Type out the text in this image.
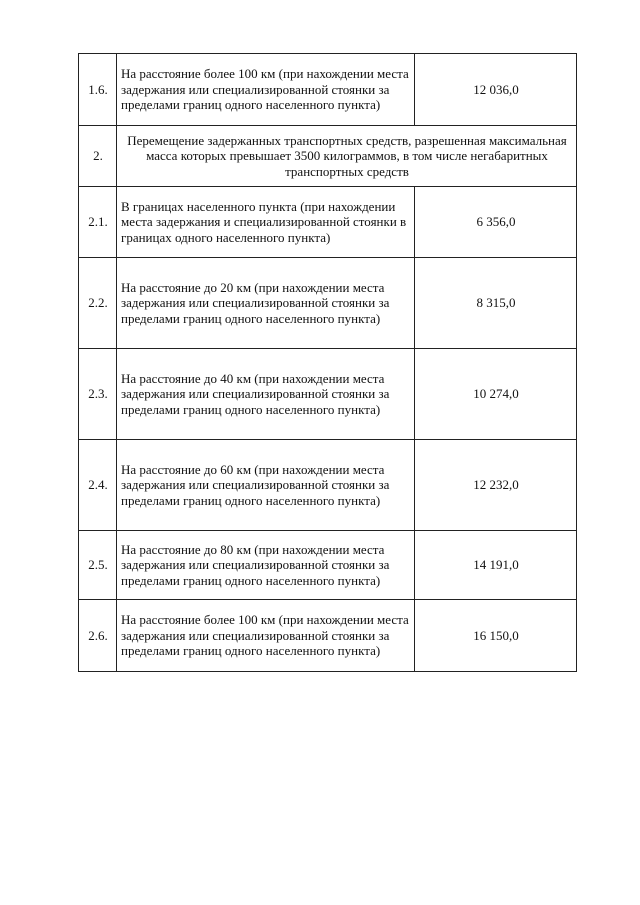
1.6.	На расстояние более 100 км (при нахождении места задержания или специализированной стоянки за пределами границ одного населенного пункта)	12 036,0
2.	Перемещение задержанных транспортных средств, разрешенная максимальная масса которых превышает 3500 килограммов, в том числе негабаритных транспортных средств	
2.1.	В границах населенного пункта (при нахождении места задержания и специализированной стоянки в границах одного населенного пункта)	6 356,0
2.2.	На расстояние до 20 км (при нахождении места задержания или специализированной стоянки за пределами границ одного населенного пункта)	8 315,0
2.3.	На расстояние до 40 км (при нахождении места задержания или специализированной стоянки за пределами границ одного населенного пункта)	10 274,0
2.4.	На расстояние до 60 км (при нахождении места задержания или специализированной стоянки за пределами границ одного населенного пункта)	12 232,0
2.5.	На расстояние до 80 км (при нахождении места задержания или специализированной стоянки за пределами границ одного населенного пункта)	14 191,0
2.6.	На расстояние более 100 км (при нахождении места задержания или специализированной стоянки за пределами границ одного населенного пункта)	16 150,0
